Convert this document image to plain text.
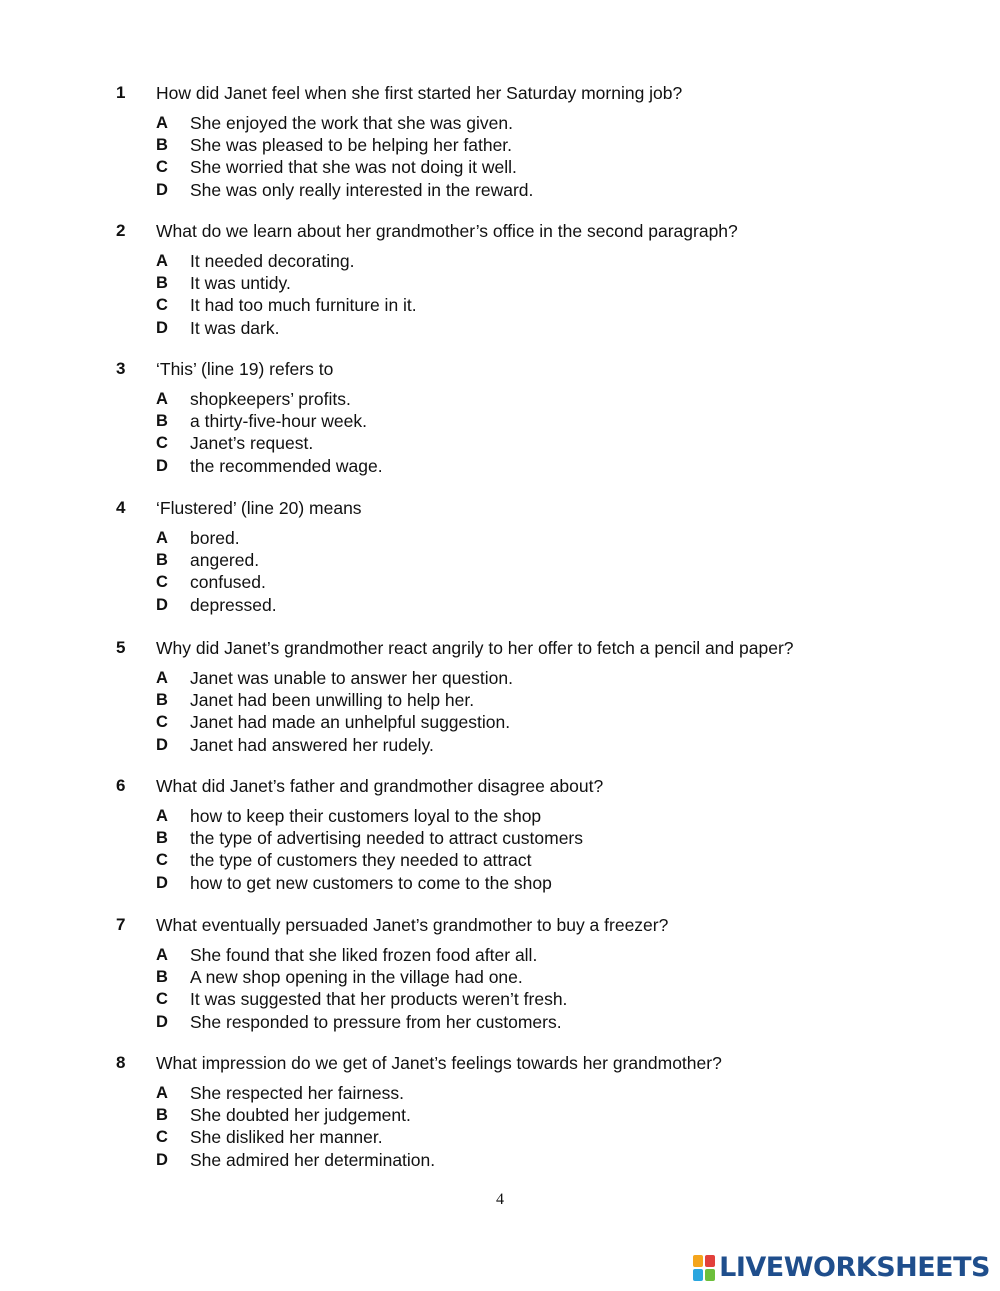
1 How did Janet feel when she first started her Saturday morning job?
A She enjoyed the work that she was given.
B She was pleased to be helping her father.
C She worried that she was not doing it well.
D She was only really interested in the reward.
2 What do we learn about her grandmother’s office in the second paragraph?
A It needed decorating.
B It was untidy.
C It had too much furniture in it.
D It was dark.
3 ‘This’ (line 19) refers to
A shopkeepers’ profits.
B a thirty-five-hour week.
C Janet’s request.
D the recommended wage.
4 ‘Flustered’ (line 20) means
A bored.
B angered.
C confused.
D depressed.
5 Why did Janet’s grandmother react angrily to her offer to fetch a pencil and paper?
A Janet was unable to answer her question.
B Janet had been unwilling to help her.
C Janet had made an unhelpful suggestion.
D Janet had answered her rudely.
6 What did Janet’s father and grandmother disagree about?
A how to keep their customers loyal to the shop
B the type of advertising needed to attract customers
C the type of customers they needed to attract
D how to get new customers to come to the shop
7 What eventually persuaded Janet’s grandmother to buy a freezer?
A She found that she liked frozen food after all.
B A new shop opening in the village had one.
C It was suggested that her products weren’t fresh.
D She responded to pressure from her customers.
8 What impression do we get of Janet’s feelings towards her grandmother?
A She respected her fairness.
B She doubted her judgement.
C She disliked her manner.
D She admired her determination.
4
LIVEWORKSHEETS
